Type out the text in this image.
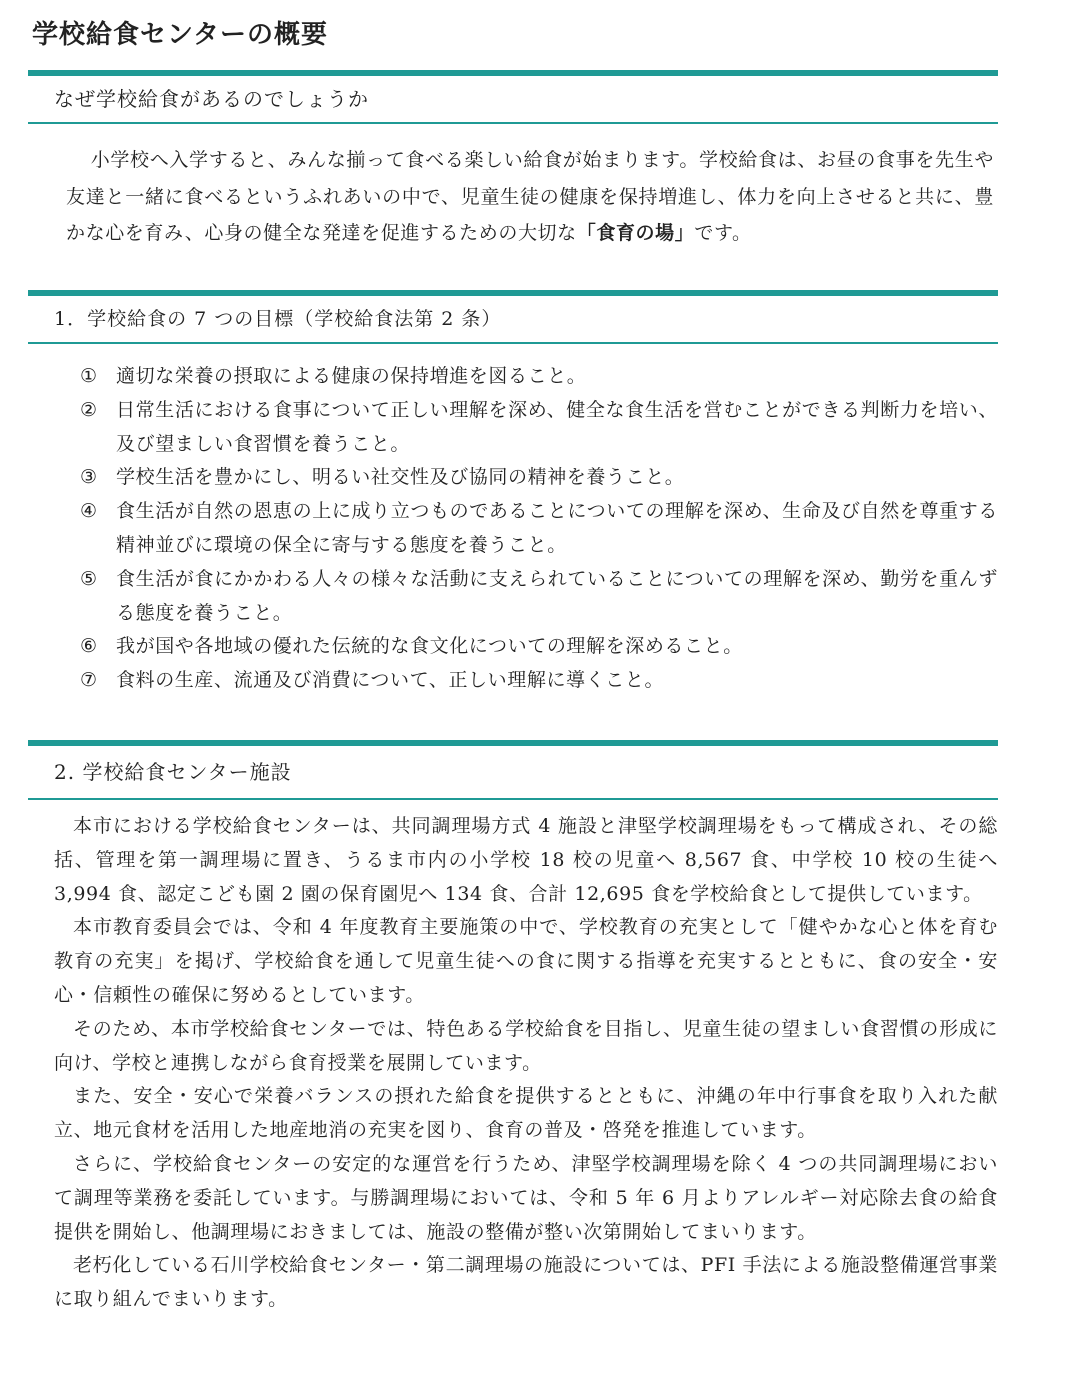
学校給食センターの概要
なぜ学校給食があるのでしょうか

小学校へ入学すると、みんな揃って食べる楽しい給食が始まります。学校給食は、お昼の食事を先生や友達と一緒に食べるというふれあいの中で、児童生徒の健康を保持増進し、体力を向上させると共に、豊かな心を育み、心身の健全な発達を促進するための大切な「食育の場」です。

1．学校給食の 7 つの目標（学校給食法第 2 条）
① 適切な栄養の摂取による健康の保持増進を図ること。
② 日常生活における食事について正しい理解を深め、健全な食生活を営むことができる判断力を培い、及び望ましい食習慣を養うこと。
③ 学校生活を豊かにし、明るい社交性及び協同の精神を養うこと。
④ 食生活が自然の恩恵の上に成り立つものであることについての理解を深め、生命及び自然を尊重する精神並びに環境の保全に寄与する態度を養うこと。
⑤ 食生活が食にかかわる人々の様々な活動に支えられていることについての理解を深め、勤労を重んずる態度を養うこと。
⑥ 我が国や各地域の優れた伝統的な食文化についての理解を深めること。
⑦ 食料の生産、流通及び消費について、正しい理解に導くこと。
2. 学校給食センター施設

本市における学校給食センターは、共同調理場方式 4 施設と津堅学校調理場をもって構成され、その総括、管理を第一調理場に置き、うるま市内の小学校 18 校の児童へ 8,567 食、中学校 10 校の生徒へ 3,994 食、認定こども園 2 園の保育園児へ 134 食、合計 12,695 食を学校給食として提供しています。

本市教育委員会では、令和 4 年度教育主要施策の中で、学校教育の充実として「健やかな心と体を育む教育の充実」を掲げ、学校給食を通して児童生徒への食に関する指導を充実するとともに、食の安全・安心・信頼性の確保に努めるとしています。

そのため、本市学校給食センターでは、特色ある学校給食を目指し、児童生徒の望ましい食習慣の形成に向け、学校と連携しながら食育授業を展開しています。

また、安全・安心で栄養バランスの摂れた給食を提供するとともに、沖縄の年中行事食を取り入れた献立、地元食材を活用した地産地消の充実を図り、食育の普及・啓発を推進しています。

さらに、学校給食センターの安定的な運営を行うため、津堅学校調理場を除く 4 つの共同調理場において調理等業務を委託しています。与勝調理場においては、令和 5 年 6 月よりアレルギー対応除去食の給食提供を開始し、他調理場におきましては、施設の整備が整い次第開始してまいります。

老朽化している石川学校給食センター・第二調理場の施設については、PFI 手法による施設整備運営事業に取り組んでまいります。
